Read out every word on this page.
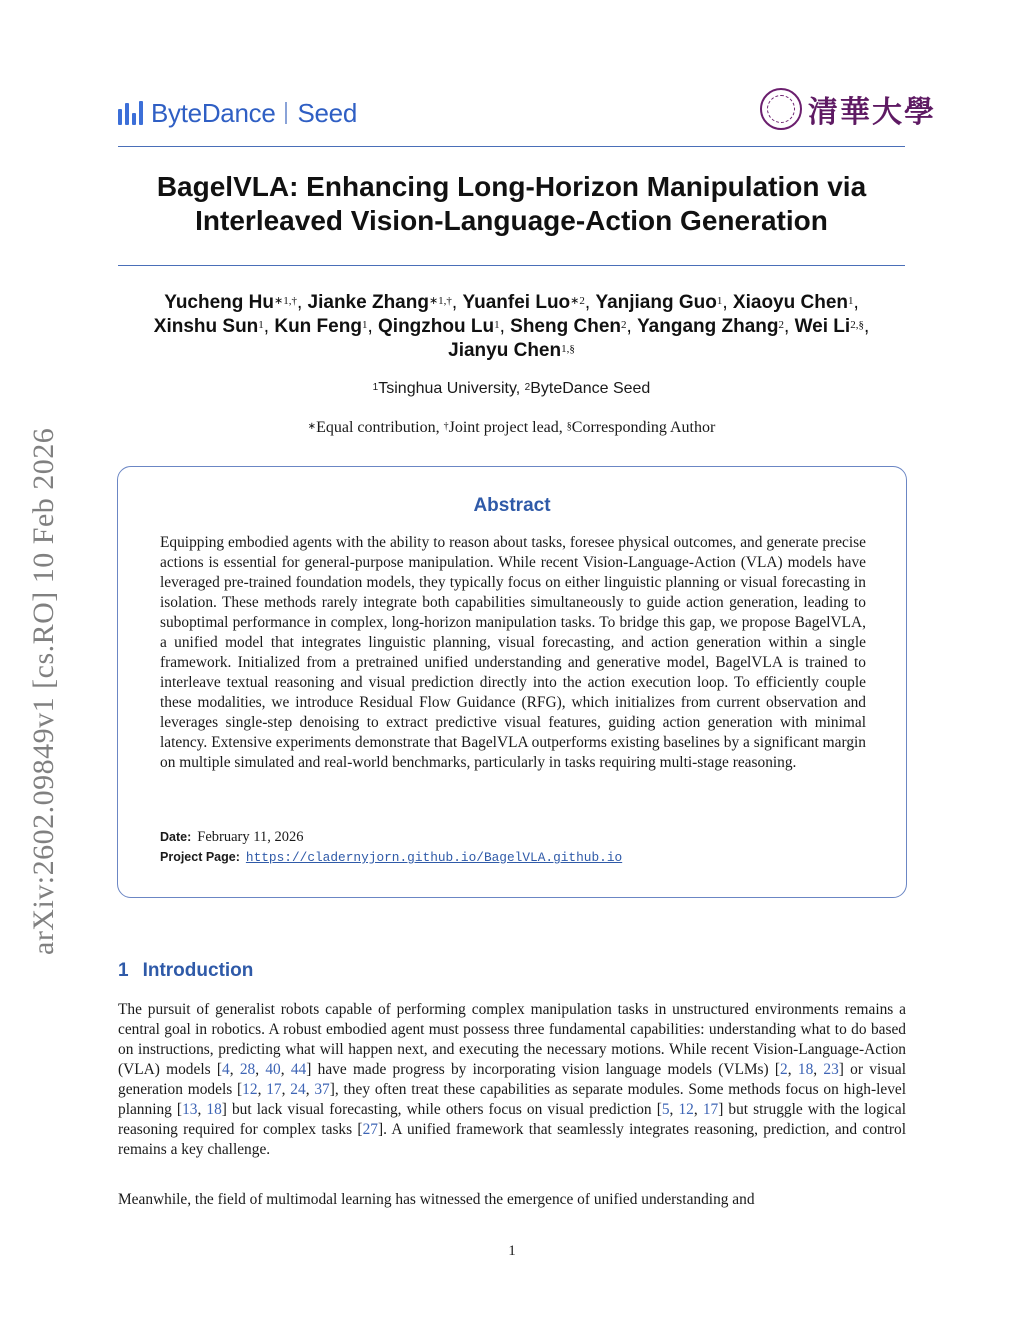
arXiv:2602.09849v1 [cs.RO] 10 Feb 2026
ByteDance Seed	清華大學
BagelVLA: Enhancing Long-Horizon Manipulation via
Interleaved Vision-Language-Action Generation
Yucheng $Hu^{∗1,\dagger}$, Jianke Zhang$^{∗1,\dagger}$, Yuanfei Luo$^{∗2}$, Yanjiang Guo$^1$, Xiaoyu Chen$^1$,
Xinshu Sun$^1$, Kun Feng$^1$, Qingzhou Lu$^1$, Sheng Chen$^2$, Yangang Zhang$^2$, Wei $Li^{2,\S}$,
Jianyu Chen$^{1,\S}$
$^1$Tsinghua University, $^2$ByteDance Seed
∗Equal contribution, †Joint project lead, §Corresponding Author
Abstract
Equipping embodied agents with the ability to reason about tasks, foresee physical outcomes, and generate precise actions is essential for general-purpose manipulation. While recent Vision-Language-Action (VLA) models have leveraged pre-trained foundation models, they typically focus on either linguistic planning or visual forecasting in isolation. These methods rarely integrate both capabilities simultaneously to guide action generation, leading to suboptimal performance in complex, long-horizon manipulation tasks. To bridge this gap, we propose BagelVLA, a unified model that integrates linguistic planning, visual forecasting, and action generation within a single framework. Initialized from a pretrained unified understanding and generative model, BagelVLA is trained to interleave textual reasoning and visual prediction directly into the action execution loop. To efficiently couple these modalities, we introduce Residual Flow Guidance (RFG), which initializes from current observation and leverages single-step denoising to extract predictive visual features, guiding action generation with minimal latency. Extensive experiments demonstrate that BagelVLA outperforms existing baselines by a significant margin on multiple simulated and real-world benchmarks, particularly in tasks requiring multi-stage reasoning.
Date: February 11, 2026
Project Page: https://cladernyjorn.github.io/BagelVLA.github.io
1 Introduction
The pursuit of generalist robots capable of performing complex manipulation tasks in unstructured environments remains a central goal in robotics. A robust embodied agent must possess three fundamental capabilities: understanding what to do based on instructions, predicting what will happen next, and executing the necessary motions. While recent Vision-Language-Action (VLA) models [4, 28, 40, 44] have made progress by incorporating vision language models (VLMs) [2, 18, 23] or visual generation models [12, 17, 24, 37], they often treat these capabilities as separate modules. Some methods focus on high-level planning [13, 18] but lack visual forecasting, while others focus on visual prediction [5, 12, 17] but struggle with the logical reasoning required for complex tasks [27]. A unified framework that seamlessly integrates reasoning, prediction, and control remains a key challenge.
Meanwhile, the field of multimodal learning has witnessed the emergence of unified understanding and
1
